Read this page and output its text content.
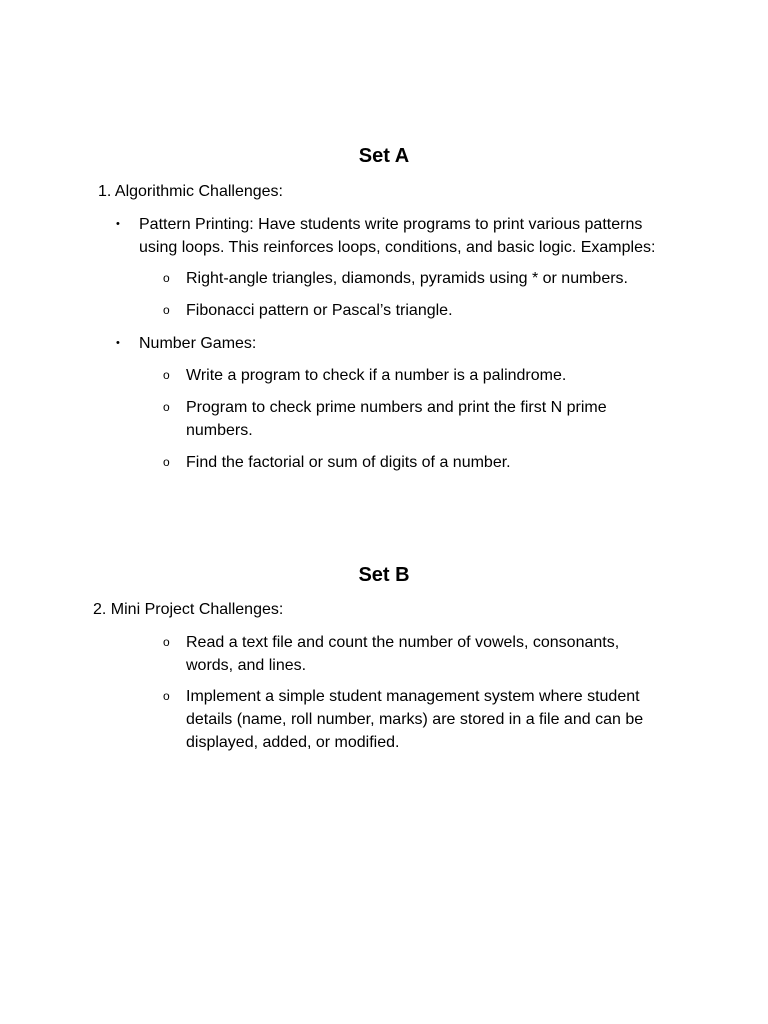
Set A
1. Algorithmic Challenges:
• Pattern Printing: Have students write programs to print various patterns using loops. This reinforces loops, conditions, and basic logic. Examples:
o Right-angle triangles, diamonds, pyramids using * or numbers.
o Fibonacci pattern or Pascal’s triangle.
• Number Games:
o Write a program to check if a number is a palindrome.
o Program to check prime numbers and print the first N prime numbers.
o Find the factorial or sum of digits of a number.
Set B
2. Mini Project Challenges:
o Read a text file and count the number of vowels, consonants, words, and lines.
o Implement a simple student management system where student details (name, roll number, marks) are stored in a file and can be displayed, added, or modified.
